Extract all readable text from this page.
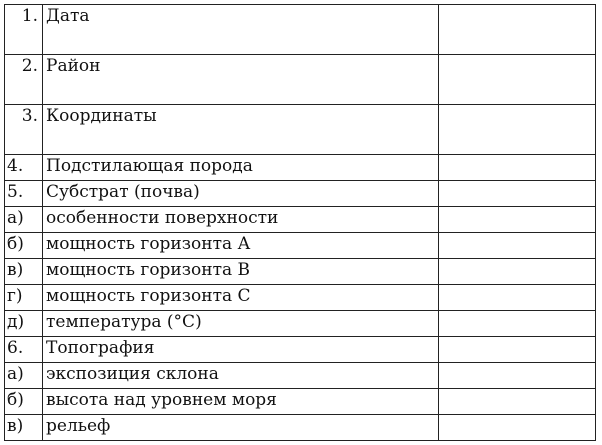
1.	Дата	
2.	Район	
3.	Координаты	
4.	Подстилающая порода	
5.	Субстрат (почва)	
а)	особенности поверхности	
б)	мощность горизонта А	
в)	мощность горизонта В	
г)	мощность горизонта С	
д)	температура (°C)	
6.	Топография	
а)	экспозиция склона	
б)	высота над уровнем моря	
в)	рельеф	
